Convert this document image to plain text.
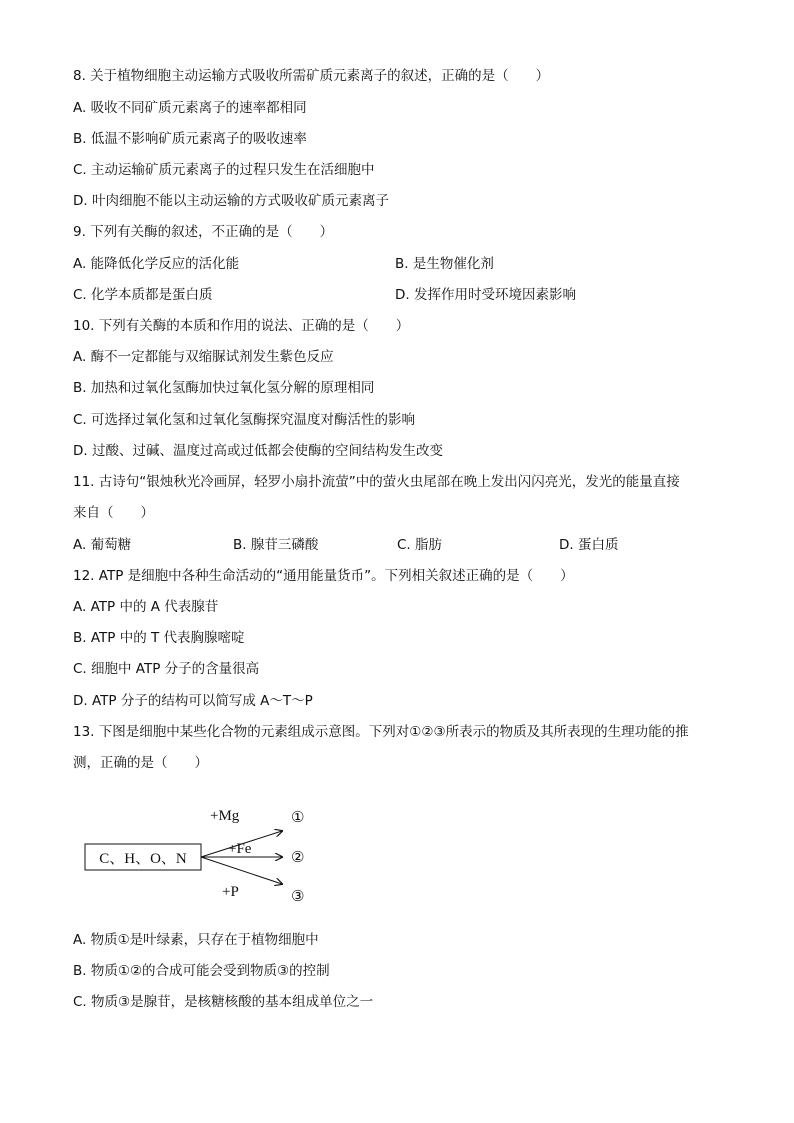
8. 关于植物细胞主动运输方式吸收所需矿质元素离子的叙述，正确的是（　　）
A. 吸收不同矿质元素离子的速率都相同
B. 低温不影响矿质元素离子的吸收速率
C. 主动运输矿质元素离子的过程只发生在活细胞中
D. 叶肉细胞不能以主动运输的方式吸收矿质元素离子
9. 下列有关酶的叙述，不正确的是（　　）
A. 能降低化学反应的活化能	B. 是生物催化剂
C. 化学本质都是蛋白质	D. 发挥作用时受环境因素影响
10. 下列有关酶的本质和作用的说法、正确的是（　　）
A. 酶不一定都能与双缩脲试剂发生紫色反应
B. 加热和过氧化氢酶加快过氧化氢分解的原理相同
C. 可选择过氧化氢和过氧化氢酶探究温度对酶活性的影响
D. 过酸、过碱、温度过高或过低都会使酶的空间结构发生改变
11. 古诗句“银烛秋光冷画屏，轻罗小扇扑流萤”中的萤火虫尾部在晚上发出闪闪亮光，发光的能量直接
来自（　　）
A. 葡萄糖	B. 腺苷三磷酸	C. 脂肪	D. 蛋白质
12. ATP 是细胞中各种生命活动的“通用能量货币”。下列相关叙述正确的是（　　）
A. ATP 中的 A 代表腺苷
B. ATP 中的 T 代表胸腺嘧啶
C. 细胞中 ATP 分子的含量很高
D. ATP 分子的结构可以简写成 A～T～P
13. 下图是细胞中某些化合物的元素组成示意图。下列对①②③所表示的物质及其所表现的生理功能的推
测，正确的是（　　）
C、H、O、N
+Mg
+Fe
+P
①
②
③
A. 物质①是叶绿素，只存在于植物细胞中
B. 物质①②的合成可能会受到物质③的控制
C. 物质③是腺苷，是核糖核酸的基本组成单位之一
